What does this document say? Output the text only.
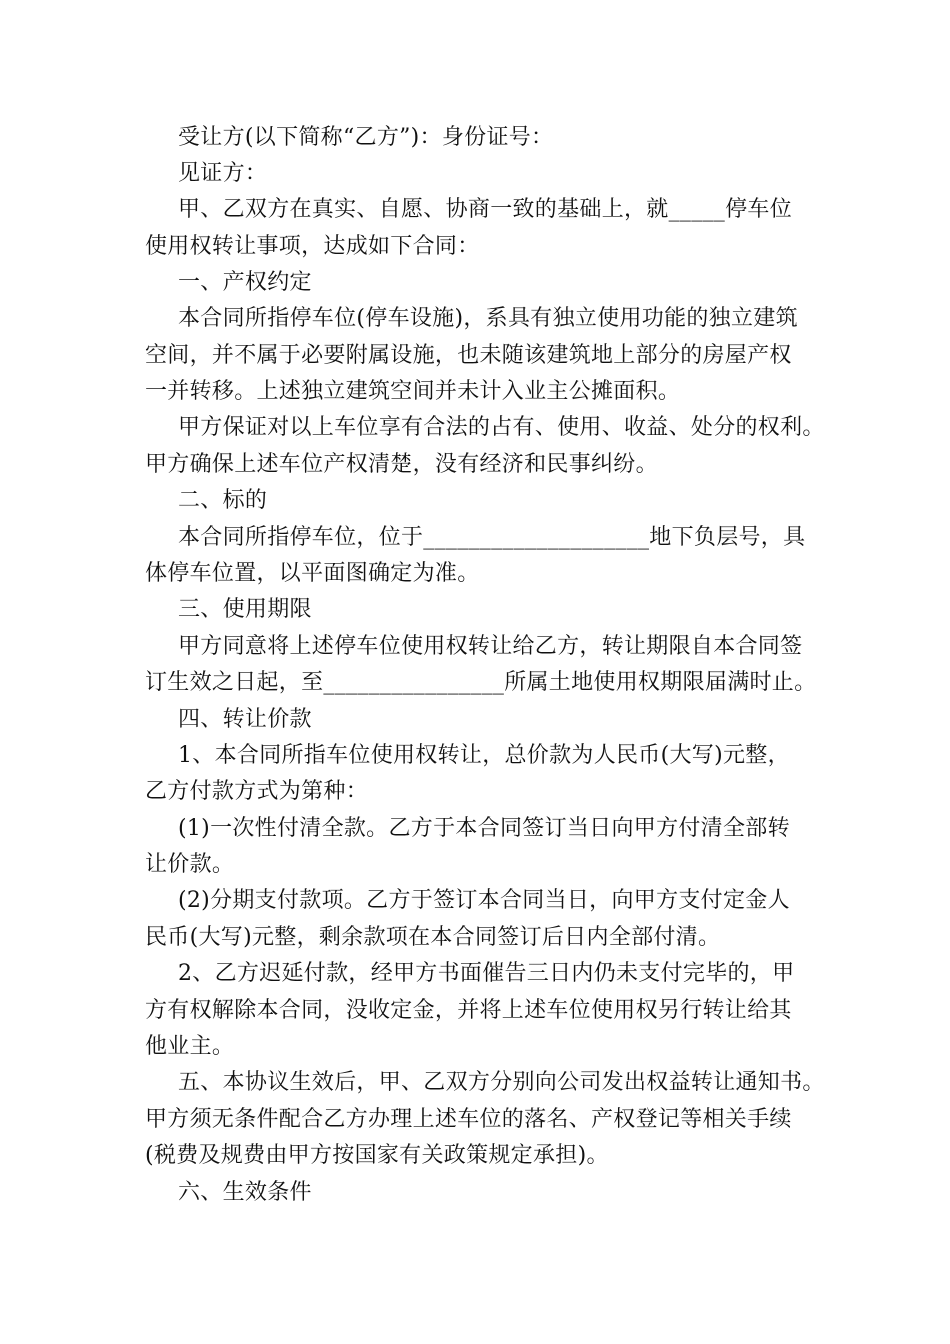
受让方(以下简称“乙方”)：身份证号：
见证方：
甲、乙双方在真实、自愿、协商一致的基础上，就_____停车位
使用权转让事项，达成如下合同：
一、产权约定
本合同所指停车位(停车设施)，系具有独立使用功能的独立建筑
空间，并不属于必要附属设施，也未随该建筑地上部分的房屋产权
一并转移。上述独立建筑空间并未计入业主公摊面积。
甲方保证对以上车位享有合法的占有、使用、收益、处分的权利。
甲方确保上述车位产权清楚，没有经济和民事纠纷。
二、标的
本合同所指停车位，位于____________________地下负层号，具
体停车位置，以平面图确定为准。
三、使用期限
甲方同意将上述停车位使用权转让给乙方，转让期限自本合同签
订生效之日起，至________________所属土地使用权期限届满时止。
四、转让价款
1、本合同所指车位使用权转让，总价款为人民币(大写)元整，
乙方付款方式为第种：
(1)一次性付清全款。乙方于本合同签订当日向甲方付清全部转
让价款。
(2)分期支付款项。乙方于签订本合同当日，向甲方支付定金人
民币(大写)元整，剩余款项在本合同签订后日内全部付清。
2、乙方迟延付款，经甲方书面催告三日内仍未支付完毕的，甲
方有权解除本合同，没收定金，并将上述车位使用权另行转让给其
他业主。
五、本协议生效后，甲、乙双方分别向公司发出权益转让通知书。
甲方须无条件配合乙方办理上述车位的落名、产权登记等相关手续
(税费及规费由甲方按国家有关政策规定承担)。
六、生效条件
